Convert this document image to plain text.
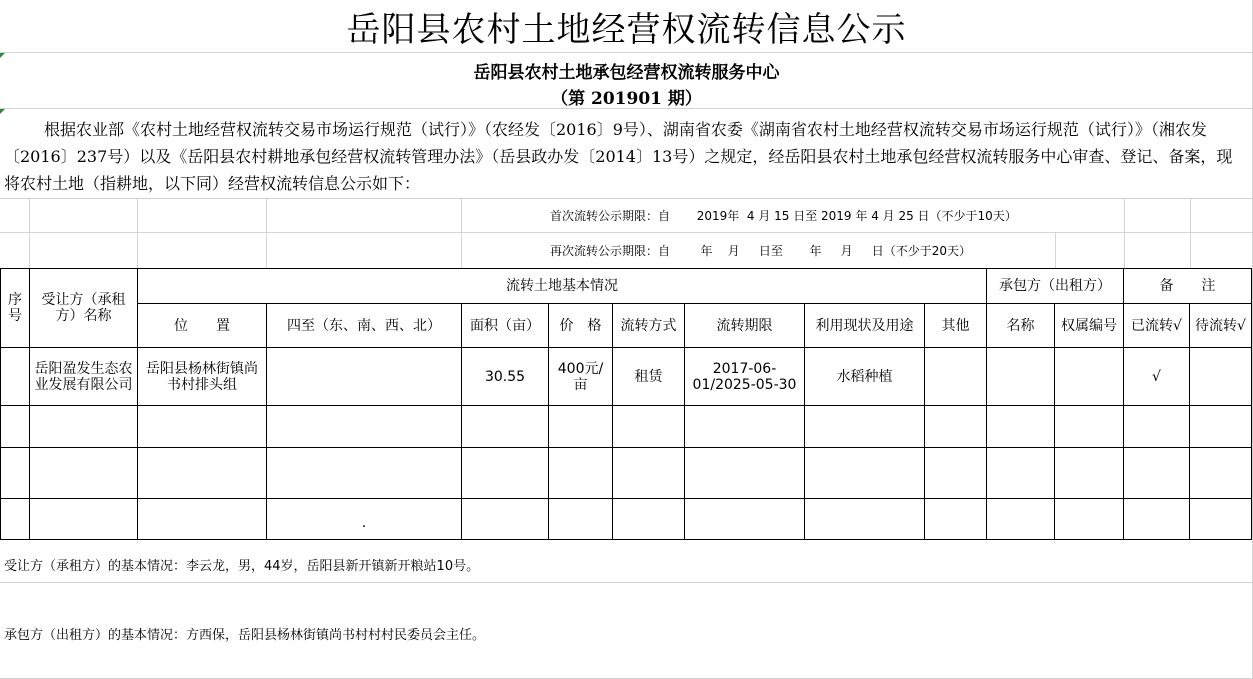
岳阳县农村土地经营权流转信息公示
岳阳县农村土地承包经营权流转服务中心
（第 201901 期）
根据农业部《农村土地经营权流转交易市场运行规范（试行）》（农经发〔2016〕9号）、湖南省农委《湖南省农村土地经营权流转交易市场运行规范（试行）》（湘农发〔2016〕237号）以及《岳阳县农村耕地承包经营权流转管理办法》（岳县政办发〔2014〕13号）之规定，经岳阳县农村土地承包经营权流转服务中心审查、登记、备案，现将农村土地（指耕地，以下同）经营权流转信息公示如下：
首次流转公示期限：自       2019年  4 月 15 日至 2019 年 4 月 25 日（不少于10天）
再次流转公示期限：自        年    月     日至       年     月     日（不少于20天）
序号	受让方（承租方）名称	流转土地基本情况								承包方（出租方）		备　　注	
		位　　置	四至（东、南、西、北）	面积（亩）	价　格	流转方式	流转期限	利用现状及用途	其他	名称	权属编号	已流转√	待流转√
	岳阳盈发生态农业发展有限公司	岳阳县杨林街镇尚书村排头组		30.55	400元/亩	租赁	2017-06-01/2025-05-30	水稻种植				√	

			.										
受让方（承租方）的基本情况：李云龙，男，44岁，岳阳县新开镇新开粮站10号。
承包方（出租方）的基本情况：方西保，岳阳县杨林街镇尚书村村村民委员会主任。
